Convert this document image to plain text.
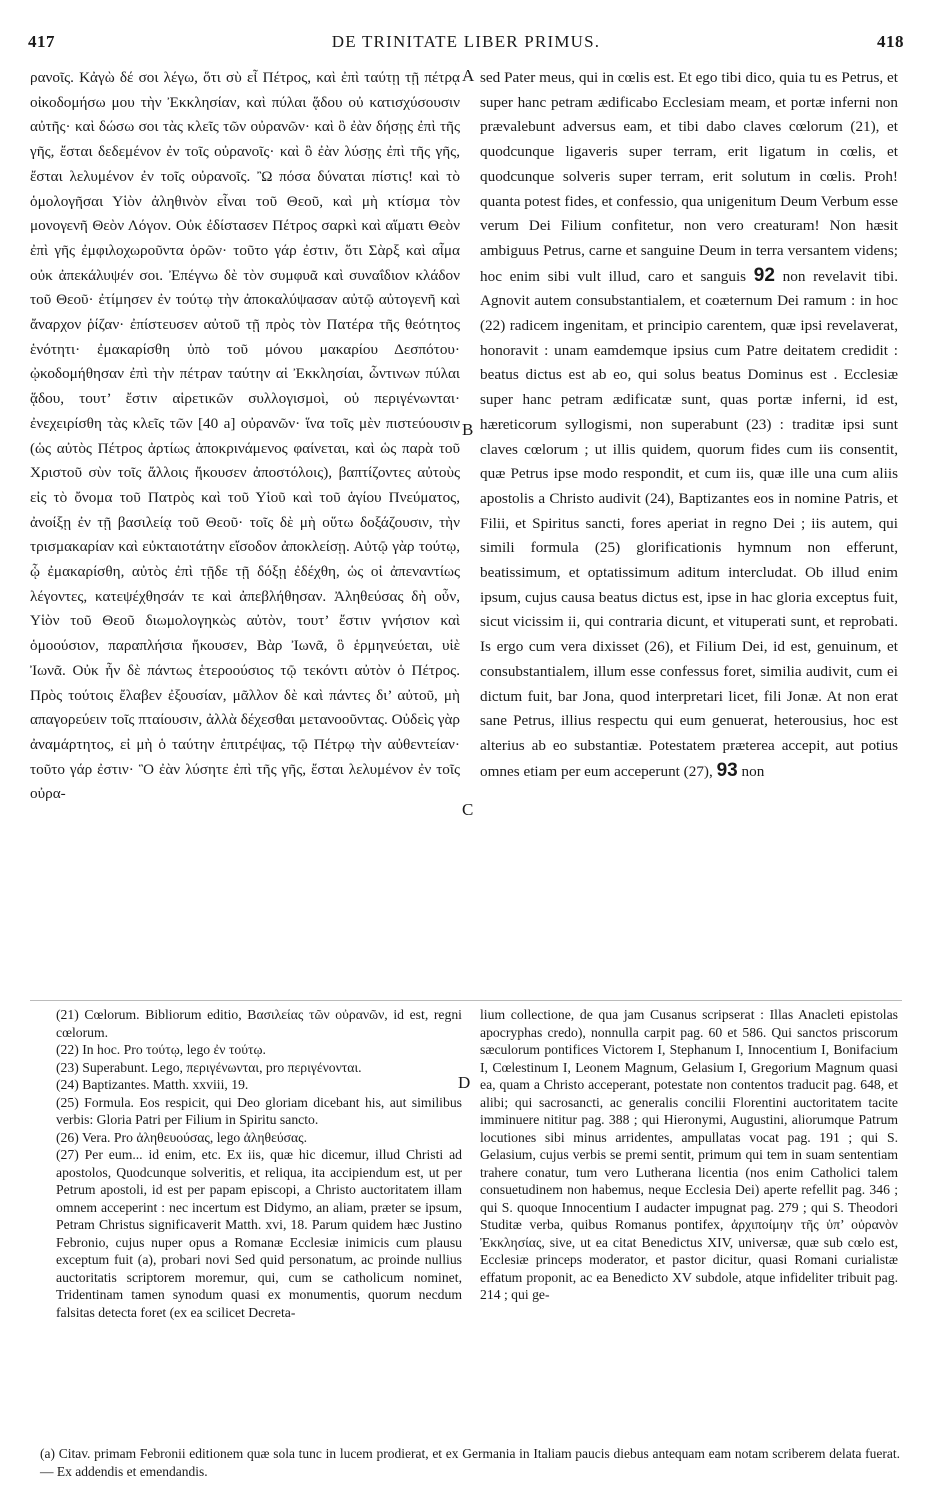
417	DE TRINITATE LIBER PRIMUS.	418

ρανοῖς. Κἀγὼ δέ σοι λέγω, ὅτι σὺ εἶ Πέτρος, καὶ ἐπὶ ταύτῃ τῇ πέτρᾳ οἰκοδομήσω μου τὴν Ἐκκλησίαν, καὶ πύλαι ᾅδου οὐ κατισχύσουσιν αὐτῆς· καὶ δώσω σοι τὰς κλεῖς τῶν οὐρανῶν· καὶ ὃ ἐὰν δήσῃς ἐπὶ τῆς γῆς, ἔσται δεδεμένον ἐν τοῖς οὐρανοῖς· καὶ ὃ ἐὰν λύσῃς ἐπὶ τῆς γῆς, ἔσται λελυμένον ἐν τοῖς οὐρανοῖς. Ὢ πόσα δύναται πίστις! καὶ τὸ ὁμολογῆσαι Υἱὸν ἀληθινὸν εἶναι τοῦ Θεοῦ, καὶ μὴ κτίσμα τὸν μονογενῆ Θεὸν Λόγον. Οὐκ ἐδίστασεν Πέτρος σαρκὶ καὶ αἵματι Θεὸν ἐπὶ γῆς ἐμφιλοχωροῦντα ὁρῶν· τοῦτο γάρ ἐστιν, ὅτι Σὰρξ καὶ αἷμα οὐκ ἀπεκάλυψέν σοι. Ἐπέγνω δὲ τὸν συμφυᾶ καὶ συναΐδιον κλάδον τοῦ Θεοῦ· ἐτίμησεν ἐν τούτῳ τὴν ἀποκαλύψασαν αὐτῷ αὐτογενῆ καὶ ἄναρχον ῥίζαν· ἐπίστευσεν αὐτοῦ τῇ πρὸς τὸν Πατέρα τῆς θεότητος ἑνότητι· ἐμακαρίσθη ὑπὸ τοῦ μόνου μακαρίου Δεσπότου· ᾠκοδομήθησαν ἐπὶ τὴν πέτραν ταύτην αἱ Ἐκκλησίαι, ὧντινων πύλαι ᾅδου, τουτ’ ἔστιν αἱρετικῶν συλλογισμοὶ, οὐ περιγένωνται· ἐνεχειρίσθη τὰς κλεῖς τῶν [40 a] οὐρανῶν· ἵνα τοῖς μὲν πιστεύουσιν (ὡς αὐτὸς Πέτρος ἀρτίως ἀποκρινάμενος φαίνεται, καὶ ὡς παρὰ τοῦ Χριστοῦ σὺν τοῖς ἄλλοις ἤκουσεν ἀποστόλοις), βαπτίζοντες αὐτοὺς εἰς τὸ ὄνομα τοῦ Πατρὸς καὶ τοῦ Υἱοῦ καὶ τοῦ ἁγίου Πνεύματος, ἀνοίξῃ ἐν τῇ βασιλείᾳ τοῦ Θεοῦ· τοῖς δὲ μὴ οὕτω δοξάζουσιν, τὴν τρισμακαρίαν καὶ εὐκταιοτάτην εἴσοδον ἀποκλείσῃ. Αὐτῷ γὰρ τούτῳ, ᾧ ἐμακαρίσθη, αὐτὸς ἐπὶ τῇδε τῇ δόξῃ ἐδέχθη, ὡς οἱ ἀπεναντίως λέγοντες, κατεψέχθησάν τε καὶ ἀπεβλήθησαν. Ἀληθεύσας δὴ οὖν, Υἱὸν τοῦ Θεοῦ διωμολογηκὼς αὐτὸν, τουτ’ ἔστιν γνήσιον καὶ ὁμοούσιον, παραπλήσια ἤκουσεν, Βὰρ Ἰωνᾶ, ὃ ἑρμηνεύεται, υἱὲ Ἰωνᾶ. Οὐκ ἦν δὲ πάντως ἑτεροούσιος τῷ τεκόντι αὐτὸν ὁ Πέτρος. Πρὸς τούτοις ἔλαβεν ἐξουσίαν, μᾶλλον δὲ καὶ πάντες δι’ αὐτοῦ, μὴ απαγορεύειν τοῖς πταίουσιν, ἀλλὰ δέχεσθαι μετανοοῦντας. Οὐδεὶς γὰρ ἀναμάρτητος, εἰ μὴ ὁ ταύτην ἐπιτρέψας, τῷ Πέτρῳ τὴν αὐθεντείαν· τοῦτο γάρ ἐστιν· Ὃ ἐὰν λύσητε ἐπὶ τῆς γῆς, ἔσται λελυμένον ἐν τοῖς οὐρα-

A
B
C
D

sed Pater meus, qui in cœlis est. Et ego tibi dico, quia tu es Petrus, et super hanc petram ædificabo Ecclesiam meam, et portæ inferni non prævalebunt adversus eam, et tibi dabo claves cœlorum (21), et quodcunque ligaveris super terram, erit ligatum in cœlis, et quodcunque solveris super terram, erit solutum in cœlis. Proh! quanta potest fides, et confessio, qua unigenitum Deum Verbum esse verum Dei Filium confitetur, non vero creaturam! Non hæsit ambiguus Petrus, carne et sanguine Deum in terra versantem videns; hoc enim sibi vult illud, caro et sanguis 92 non revelavit tibi. Agnovit autem consubstantialem, et coæternum Dei ramum : in hoc (22) radicem ingenitam, et principio carentem, quæ ipsi revelaverat, honoravit : unam eamdemque ipsius cum Patre deitatem credidit : beatus dictus est ab eo, qui solus beatus Dominus est . Ecclesiæ super hanc petram ædificatæ sunt, quas portæ inferni, id est, hæreticorum syllogismi, non superabunt (23) : traditæ ipsi sunt claves cœlorum ; ut illis quidem, quorum fides cum iis consentit, quæ Petrus ipse modo respondit, et cum iis, quæ ille una cum aliis apostolis a Christo audivit (24), Baptizantes eos in nomine Patris, et Filii, et Spiritus sancti, fores aperiat in regno Dei ; iis autem, qui simili formula (25) glorificationis hymnum non efferunt, beatissimum, et optatissimum aditum intercludat. Ob illud enim ipsum, cujus causa beatus dictus est, ipse in hac gloria exceptus fuit, sicut vicissim ii, qui contraria dicunt, et vituperati sunt, et reprobati. Is ergo cum vera dixisset (26), et Filium Dei, id est, genuinum, et consubstantialem, illum esse confessus foret, similia audivit, cum ei dictum fuit, bar Jona, quod interpretari licet, fili Jonæ. At non erat sane Petrus, illius respectu qui eum genuerat, heterousius, hoc est alterius ab eo substantiæ. Potestatem præterea accepit, aut potius omnes etiam per eum acceperunt (27), 93 non

(21) Cœlorum. Bibliorum editio, Βασιλείας τῶν οὐρανῶν, id est, regni cœlorum.

(22) In hoc. Pro τούτῳ, lego ἐν τούτῳ.

(23) Superabunt. Lego, περιγένωνται, pro περιγένονται.

(24) Baptizantes. Matth. xxviii, 19.

(25) Formula. Eos respicit, qui Deo gloriam dicebant his, aut similibus verbis: Gloria Patri per Filium in Spiritu sancto.

(26) Vera. Pro ἀληθευούσας, lego ἀληθεύσας.

(27) Per eum... id enim, etc. Ex iis, quæ hic dicemur, illud Christi ad apostolos, Quodcunque solveritis, et reliqua, ita accipiendum est, ut per Petrum apostoli, id est per papam episcopi, a Christo auctoritatem illam omnem acceperint : nec incertum est Didymo, an aliam, præter se ipsum, Petram Christus significaverit Matth. xvi, 18. Parum quidem hæc Justino Febronio, cujus nuper opus a Romanæ Ecclesiæ inimicis cum plausu exceptum fuit (a), probari novi Sed quid personatum, ac proinde nullius auctoritatis scriptorem moremur, qui, cum se catholicum nominet, Tridentinam tamen synodum quasi ex monumentis, quorum necdum falsitas detecta foret (ex ea scilicet Decreta-

lium collectione, de qua jam Cusanus scripserat : Illas Anacleti epistolas apocryphas credo), nonnulla carpit pag. 60 et 586. Qui sanctos priscorum sæculorum pontifices Victorem I, Stephanum I, Innocentium I, Bonifacium I, Cœlestinum I, Leonem Magnum, Gelasium I, Gregorium Magnum quasi ea, quam a Christo acceperant, potestate non contentos traducit pag. 648, et alibi; qui sacrosancti, ac generalis concilii Florentini auctoritatem tacite imminuere nititur pag. 388 ; qui Hieronymi, Augustini, aliorumque Patrum locutiones sibi minus arridentes, ampullatas vocat pag. 191 ; qui S. Gelasium, cujus verbis se premi sentit, primum qui tem in suam sententiam trahere conatur, tum vero Lutherana licentia (nos enim Catholici talem consuetudinem non habemus, neque Ecclesia Dei) aperte refellit pag. 346 ; qui S. quoque Innocentium I audacter impugnat pag. 279 ; qui S. Theodori Studitæ verba, quibus Romanus pontifex, ἀρχιποίμην τῆς ὑπ’ οὐρανὸν Ἐκκλησίας, sive, ut ea citat Benedictus XIV, universæ, quæ sub cœlo est, Ecclesiæ princeps moderator, et pastor dicitur, quasi Romani curialistæ effatum proponit, ac ea Benedicto XV subdole, atque infideliter tribuit pag. 214 ; qui ge-

(a) Citav. primam Febronii editionem quæ sola tunc in lucem prodierat, et ex Germania in Italiam paucis diebus antequam eam notam scriberem delata fuerat. — Ex addendis et emendandis.
